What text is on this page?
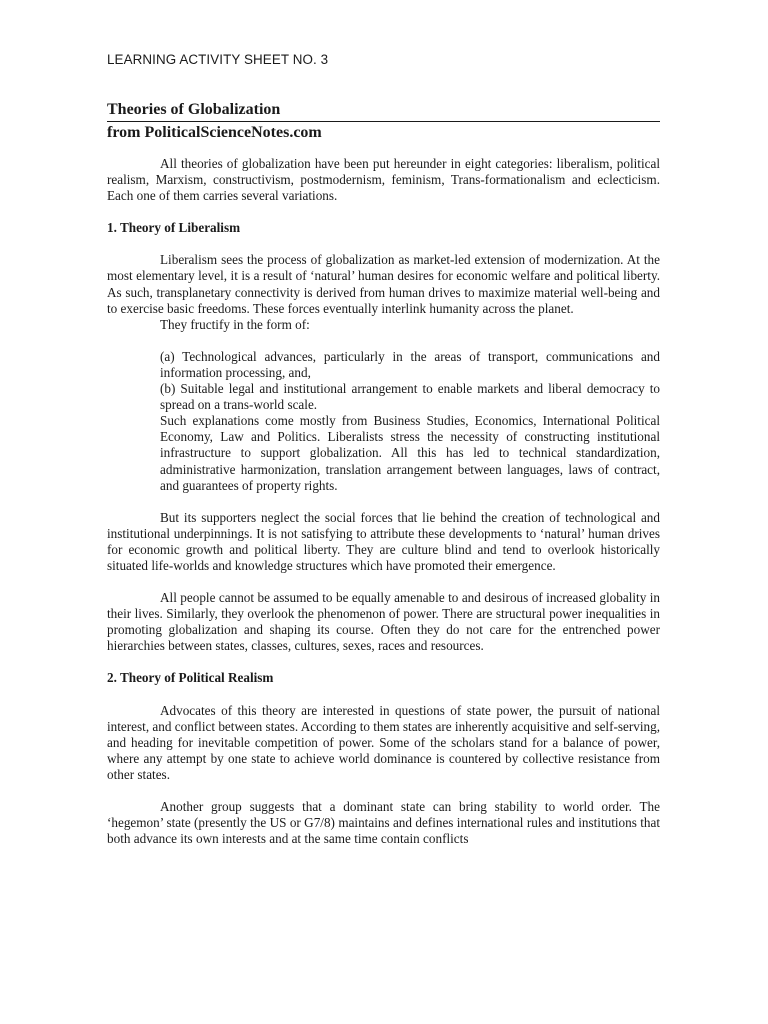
LEARNING ACTIVITY SHEET NO. 3
Theories of Globalization
from PoliticalScienceNotes.com

All theories of globalization have been put hereunder in eight categories: liberalism, political realism, Marxism, constructivism, postmodernism, feminism, Trans-formationalism and eclecticism. Each one of them carries several variations.

1. Theory of Liberalism

Liberalism sees the process of globalization as market-led extension of modernization. At the most elementary level, it is a result of ‘natural’ human desires for economic welfare and political liberty. As such, transplanetary connectivity is derived from human drives to maximize material well-being and to exercise basic freedoms. These forces eventually interlink humanity across the planet.

They fructify in the form of:

(a) Technological advances, particularly in the areas of transport, communications and information processing, and,

(b) Suitable legal and institutional arrangement to enable markets and liberal democracy to spread on a trans-world scale.

Such explanations come mostly from Business Studies, Economics, International Political Economy, Law and Politics. Liberalists stress the necessity of constructing institutional infrastructure to support globalization. All this has led to technical standardization, administrative harmonization, translation arrangement between languages, laws of contract, and guarantees of property rights.

But its supporters neglect the social forces that lie behind the creation of technological and institutional underpinnings. It is not satisfying to attribute these developments to ‘natural’ human drives for economic growth and political liberty. They are culture blind and tend to overlook historically situated life-worlds and knowledge structures which have promoted their emergence.

All people cannot be assumed to be equally amenable to and desirous of increased globality in their lives. Similarly, they overlook the phenomenon of power. There are structural power inequalities in promoting globalization and shaping its course. Often they do not care for the entrenched power hierarchies between states, classes, cultures, sexes, races and resources.

2. Theory of Political Realism

Advocates of this theory are interested in questions of state power, the pursuit of national interest, and conflict between states. According to them states are inherently acquisitive and self-serving, and heading for inevitable competition of power. Some of the scholars stand for a balance of power, where any attempt by one state to achieve world dominance is countered by collective resistance from other states.

Another group suggests that a dominant state can bring stability to world order. The ‘hegemon’ state (presently the US or G7/8) maintains and defines international rules and institutions that both advance its own interests and at the same time contain conflicts
